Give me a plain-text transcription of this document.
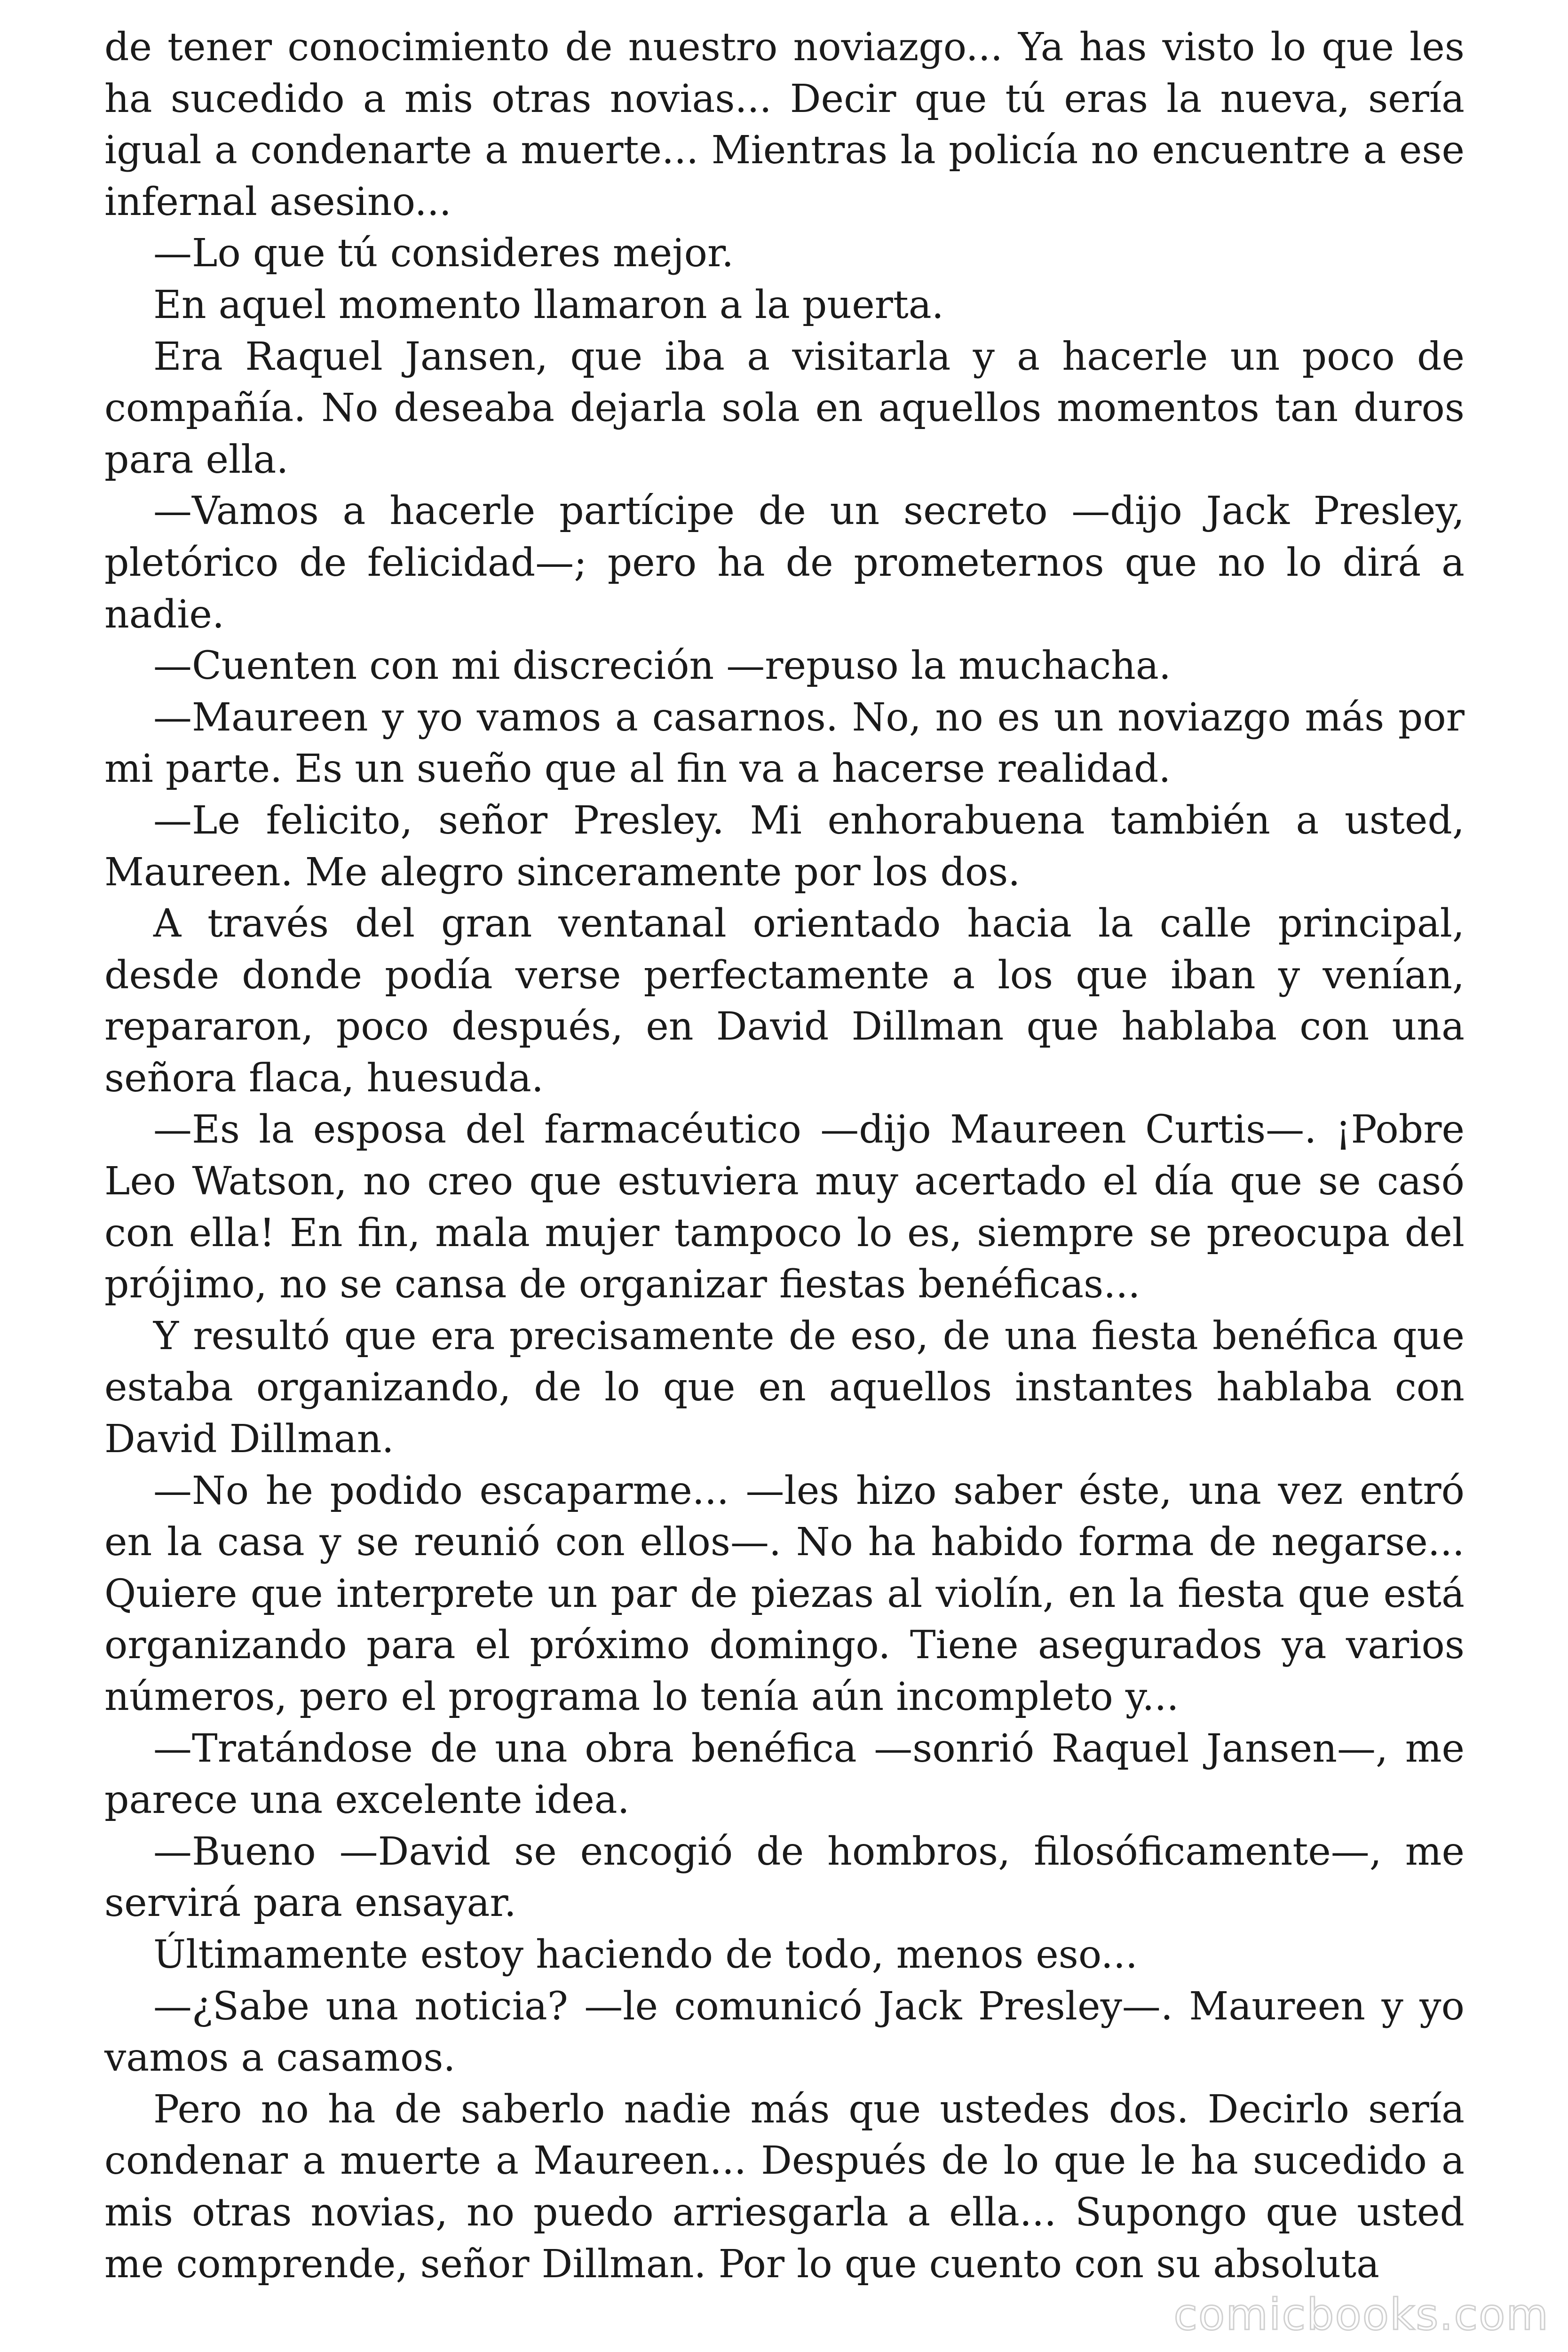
de tener conocimiento de nuestro noviazgo... Ya has visto lo que les ha sucedido a mis otras novias... Decir que tú eras la nueva, sería igual a condenarte a muerte... Mientras la policía no encuentre a ese infernal asesino...

—Lo que tú consideres mejor.

En aquel momento llamaron a la puerta.

Era Raquel Jansen, que iba a visitarla y a hacerle un poco de compañía. No deseaba dejarla sola en aquellos momentos tan duros para ella.

—Vamos a hacerle partícipe de un secreto —dijo Jack Presley, pletórico de felicidad—; pero ha de prometernos que no lo dirá a nadie.

—Cuenten con mi discreción —repuso la muchacha.

—Maureen y yo vamos a casarnos. No, no es un noviazgo más por mi parte. Es un sueño que al fin va a hacerse realidad.

—Le felicito, señor Presley. Mi enhorabuena también a usted, Maureen. Me alegro sinceramente por los dos.

A través del gran ventanal orientado hacia la calle principal, desde donde podía verse perfectamente a los que iban y venían, repararon, poco después, en David Dillman que hablaba con una señora flaca, huesuda.

—Es la esposa del farmacéutico —dijo Maureen Curtis—. ¡Pobre Leo Watson, no creo que estuviera muy acertado el día que se casó con ella! En fin, mala mujer tampoco lo es, siempre se preocupa del prójimo, no se cansa de organizar fiestas benéficas...

Y resultó que era precisamente de eso, de una fiesta benéfica que estaba organizando, de lo que en aquellos instantes hablaba con David Dillman.

—No he podido escaparme... —les hizo saber éste, una vez entró en la casa y se reunió con ellos—. No ha habido forma de negarse... Quiere que interprete un par de piezas al violín, en la fiesta que está organizando para el próximo domingo. Tiene asegurados ya varios números, pero el programa lo tenía aún incompleto y...

—Tratándose de una obra benéfica —sonrió Raquel Jansen—, me parece una excelente idea.

—Bueno —David se encogió de hombros, filosóficamente—, me servirá para ensayar.

Últimamente estoy haciendo de todo, menos eso...

—¿Sabe una noticia? —le comunicó Jack Presley—. Maureen y yo vamos a casamos.

Pero no ha de saberlo nadie más que ustedes dos. Decirlo sería condenar a muerte a Maureen... Después de lo que le ha sucedido a mis otras novias, no puedo arriesgarla a ella... Supongo que usted me comprende, señor Dillman. Por lo que cuento con su absoluta

comicbooks.com
